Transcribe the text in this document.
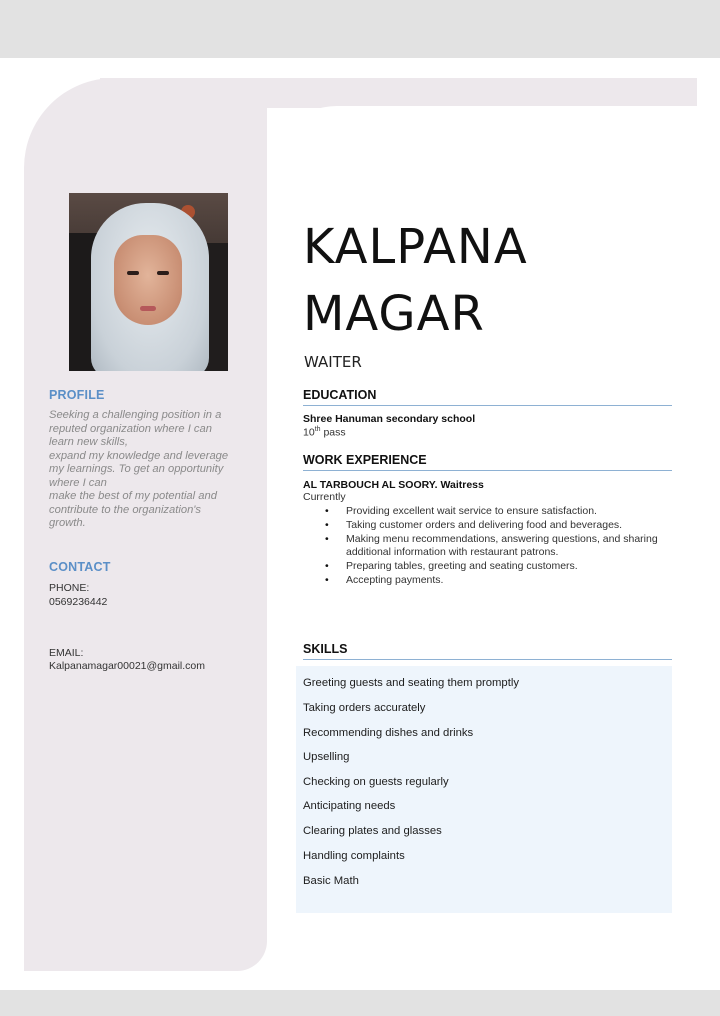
PROFILE
Seeking a challenging position in a
reputed organization where I can
learn new skills,
expand my knowledge and leverage
my learnings. To get an opportunity
where I can
make the best of my potential and
contribute to the organization's
growth.
CONTACT
PHONE:
0569236442
EMAIL:
Kalpanamagar00021@gmail.com
KALPANA
MAGAR
WAITER
EDUCATION
Shree Hanuman secondary school
10th pass
WORK EXPERIENCE
AL TARBOUCH AL SOORY. Waitress
Currently
• Providing excellent wait service to ensure satisfaction.
• Taking customer orders and delivering food and beverages.
• Making menu recommendations, answering questions, and sharing additional information with restaurant patrons.
• Preparing tables, greeting and seating customers.
• Accepting payments.
SKILLS
Greeting guests and seating them promptly
Taking orders accurately
Recommending dishes and drinks
Upselling
Checking on guests regularly
Anticipating needs
Clearing plates and glasses
Handling complaints
Basic Math
